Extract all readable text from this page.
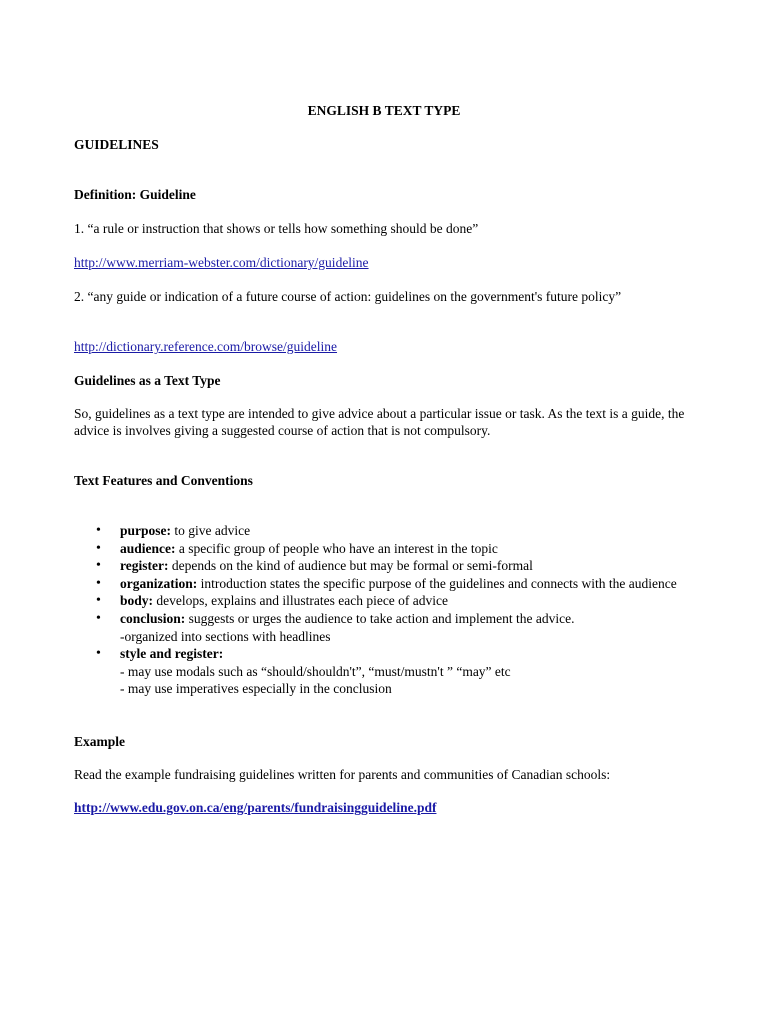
ENGLISH B TEXT TYPE

GUIDELINES

Definition: Guideline

1. “a rule or instruction that shows or tells how something should be done”

http://www.merriam-webster.com/dictionary/guideline

2. “any guide or indication of a future course of action: guidelines on the government's future policy”

http://dictionary.reference.com/browse/guideline

Guidelines as a Text Type

So, guidelines as a text type are intended to give advice about a particular issue or task. As the text is a guide, the advice is involves giving a suggested course of action that is not compulsory.

Text Features and Conventions

• purpose: to give advice
• audience: a specific group of people who have an interest in the topic
• register: depends on the kind of audience but may be formal or semi-formal
• organization: introduction states the specific purpose of the guidelines and connects with the audience
• body: develops, explains and illustrates each piece of advice
• conclusion: suggests or urges the audience to take action and implement the advice.
-organized into sections with headlines
• style and register:
- may use modals such as “should/shouldn't”, “must/mustn't ” “may” etc
- may use imperatives especially in the conclusion

Example

Read the example fundraising guidelines written for parents and communities of Canadian schools:

http://www.edu.gov.on.ca/eng/parents/fundraisingguideline.pdf
